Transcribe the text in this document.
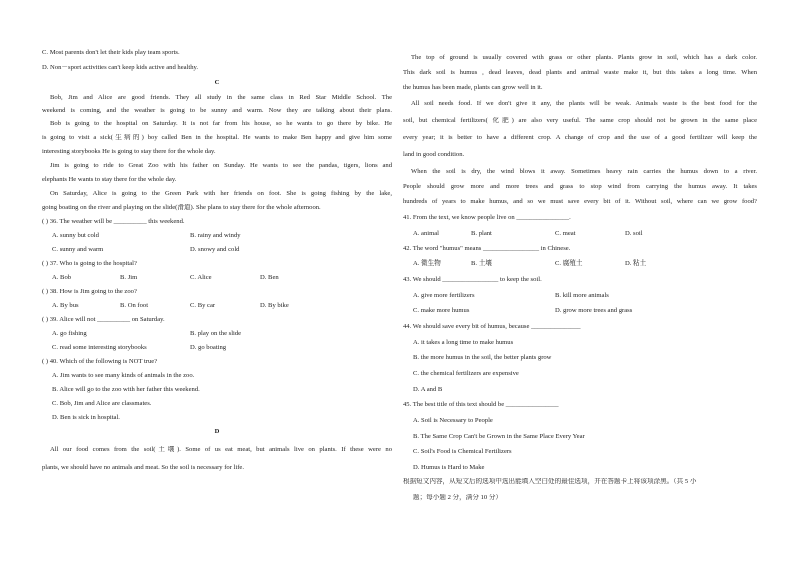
C. Most parents don't let their kids play team sports.
D. Non－sport activities can't keep kids active and healthy.
C
Bob, Jim and Alice are good friends. They all study in the same class in Red Star Middle School. The
weekend is coming, and the weather is going to be sunny and warm. Now they are talking about their plans.
Bob is going to the hospital on Saturday. It is not far from his house, so he wants to go there by bike. He
is going to visit a sick(生病的) boy called Ben in the hospital. He wants to make Ben happy and give him some
interesting storybooks He is going to stay there for the whole day.
Jim is going to ride to Great Zoo with his father on Sunday. He wants to see the pandas, tigers, lions and
elephants He wants to stay there for the whole day.
On Saturday, Alice is going to the Green Park with her friends on foot. She is going fishing by the lake,
going boating on the river and playing on the slide(滑道). She plans to stay there for the whole afternoon.
( ) 36. The weather will be __________ this weekend.
A. sunny but cold	B. rainy and windy
C. sunny and warm	D. snowy and cold
( ) 37. Who is going to the hospital?
A. Bob	B. Jim	C. Alice	D. Ben
( ) 38. How is Jim going to the zoo?
A. By bus	B. On foot	C. By car	D. By bike
( ) 39. Alice will not __________ on Saturday.
A. go fishing	B. play on the slide
C. read some interesting storybooks	D. go boating
( ) 40. Which of the following is NOT true?
A. Jim wants to see many kinds of animals in the zoo.
B. Alice will go to the zoo with her father this weekend.
C. Bob, Jim and Alice are classmates.
D. Ben is sick in hospital.
D
All our food comes from the soil(土壤). Some of us eat meat, but animals live on plants. If these were no
plants, we should have no animals and meat. So the soil is necessary for life.
The top of ground is usually covered with grass or other plants. Plants grow in soil, which has a dark color.
This dark soil is humus , dead leaves, dead plants and animal waste make it, but this takes a long time. When
the humus has been made, plants can grow well in it.
All soil needs food. If we don't give it any, the plants will be weak. Animals waste is the best food for the
soil, but chemical fertilizers( 化肥) are also very useful. The same crop should not be grown in the same place
every year; it is better to have a different crop. A change of crop and the use of a good fertilizer will keep the
land in good condition.
When the soil is dry, the wind blows it away. Sometimes heavy rain carries the humus down to a river.
People should grow more and more trees and grass to stop wind from carrying the humus away. It takes
hundreds of years to make humus, and so we must save every bit of it. Without soil, where can we grow food?
41. From the text, we know people live on ________________.
A. animal	B. plant	C. meat	D. soil
42. The word "humus" means _________________ in Chinese.
A. 微生物	B. 土壤	C. 腐殖土	D. 粘土
43. We should _________________ to keep the soil.
A. give more fertilizers	B. kill more animals
C. make more humus	D. grow more trees and grass
44. We should save every bit of humus, because _______________
A. it takes a long time to make humus
B. the more humus in the soil, the better plants grow
C. the chemical fertilizers are expensive
D. A and B
45. The best title of this text should be ________________
A. Soil is Necessary to People
B. The Same Crop Can't be Grown in the Same Place Every Year
C. Soil's Food is Chemical Fertilizers
D. Humus is Hard to Make
根据短文内容，从短文后的选项中选出能填入空白处的最佳选项，并在答题卡上将该项涂黑。（共 5 小
题；每小题 2 分，满分 10 分）
